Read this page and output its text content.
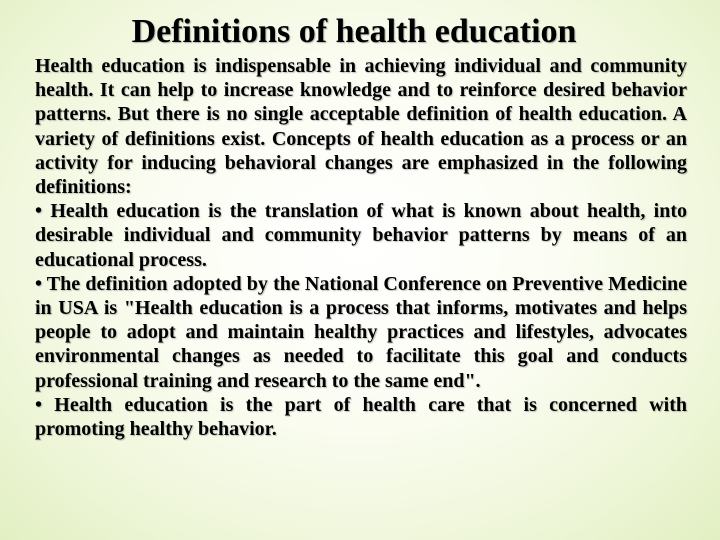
Definitions of health education

Health education is indispensable in achieving individual and community health. It can help to increase knowledge and to reinforce desired behavior patterns. But there is no single acceptable definition of health education. A variety of definitions exist. Concepts of health education as a process or an activity for inducing behavioral changes are emphasized in the following definitions:

• Health education is the translation of what is known about health, into desirable individual and community behavior patterns by means of an educational process.

• The definition adopted by the National Conference on Preventive Medicine in USA is "Health education is a process that informs, motivates and helps people to adopt and maintain healthy practices and lifestyles, advocates environmental changes as needed to facilitate this goal and conducts professional training and research to the same end".

• Health education is the part of health care that is concerned with promoting healthy behavior.
